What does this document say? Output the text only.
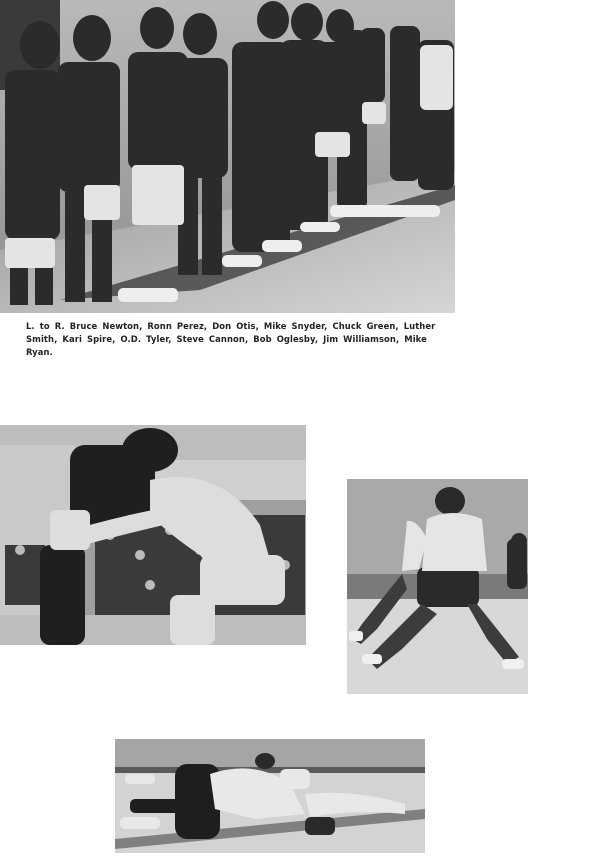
L. to R. Bruce Newton, Ronn Perez, Don Otis, Mike Snyder, Chuck Green, Luther Smith, Kari Spire, O.D. Tyler, Steve Cannon, Bob Oglesby, Jim Williamson, Mike Ryan.
